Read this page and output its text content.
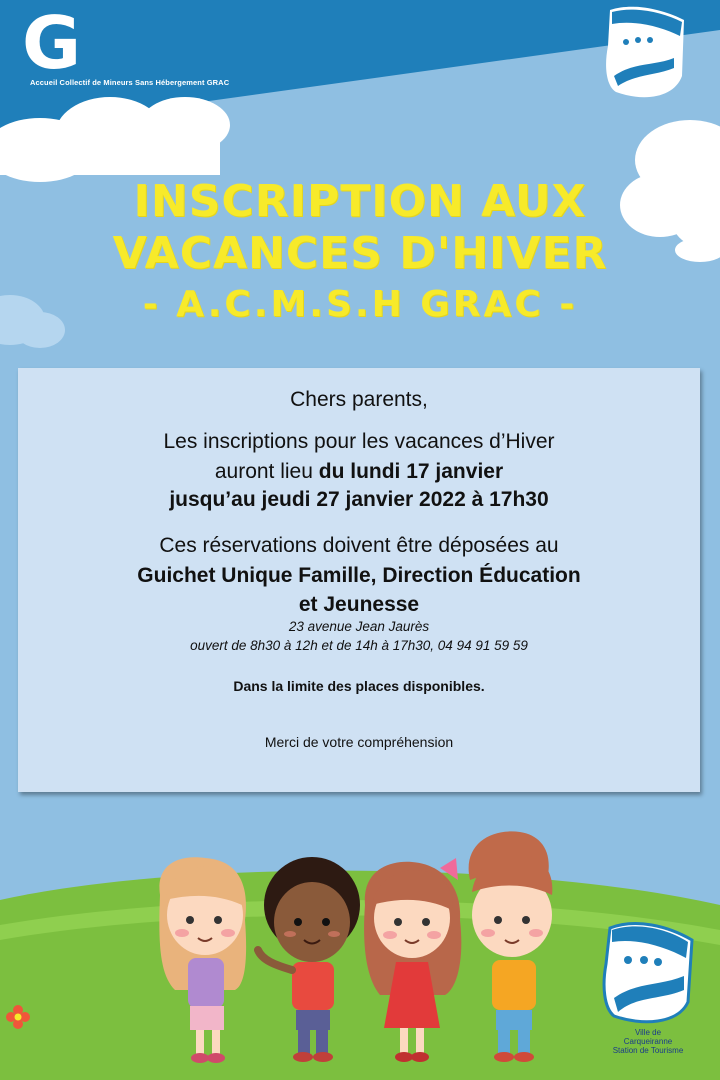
G
Accueil Collectif de Mineurs Sans Hébergement GRAC
INSCRIPTION AUX
VACANCES D'HIVER
- A.C.M.S.H GRAC -
Chers parents,
Les inscriptions pour les vacances d’Hiver
auront lieu du lundi 17 janvier
jusqu’au jeudi 27 janvier 2022 à 17h30
Ces réservations doivent être déposées au
Guichet Unique Famille, Direction Éducation
et Jeunesse
23 avenue Jean Jaurès
ouvert de 8h30 à 12h et de 14h à 17h30, 04 94 91 59 59
Dans la limite des places disponibles.
Merci de votre compréhension
Ville de
Carqueiranne
Station de Tourisme
